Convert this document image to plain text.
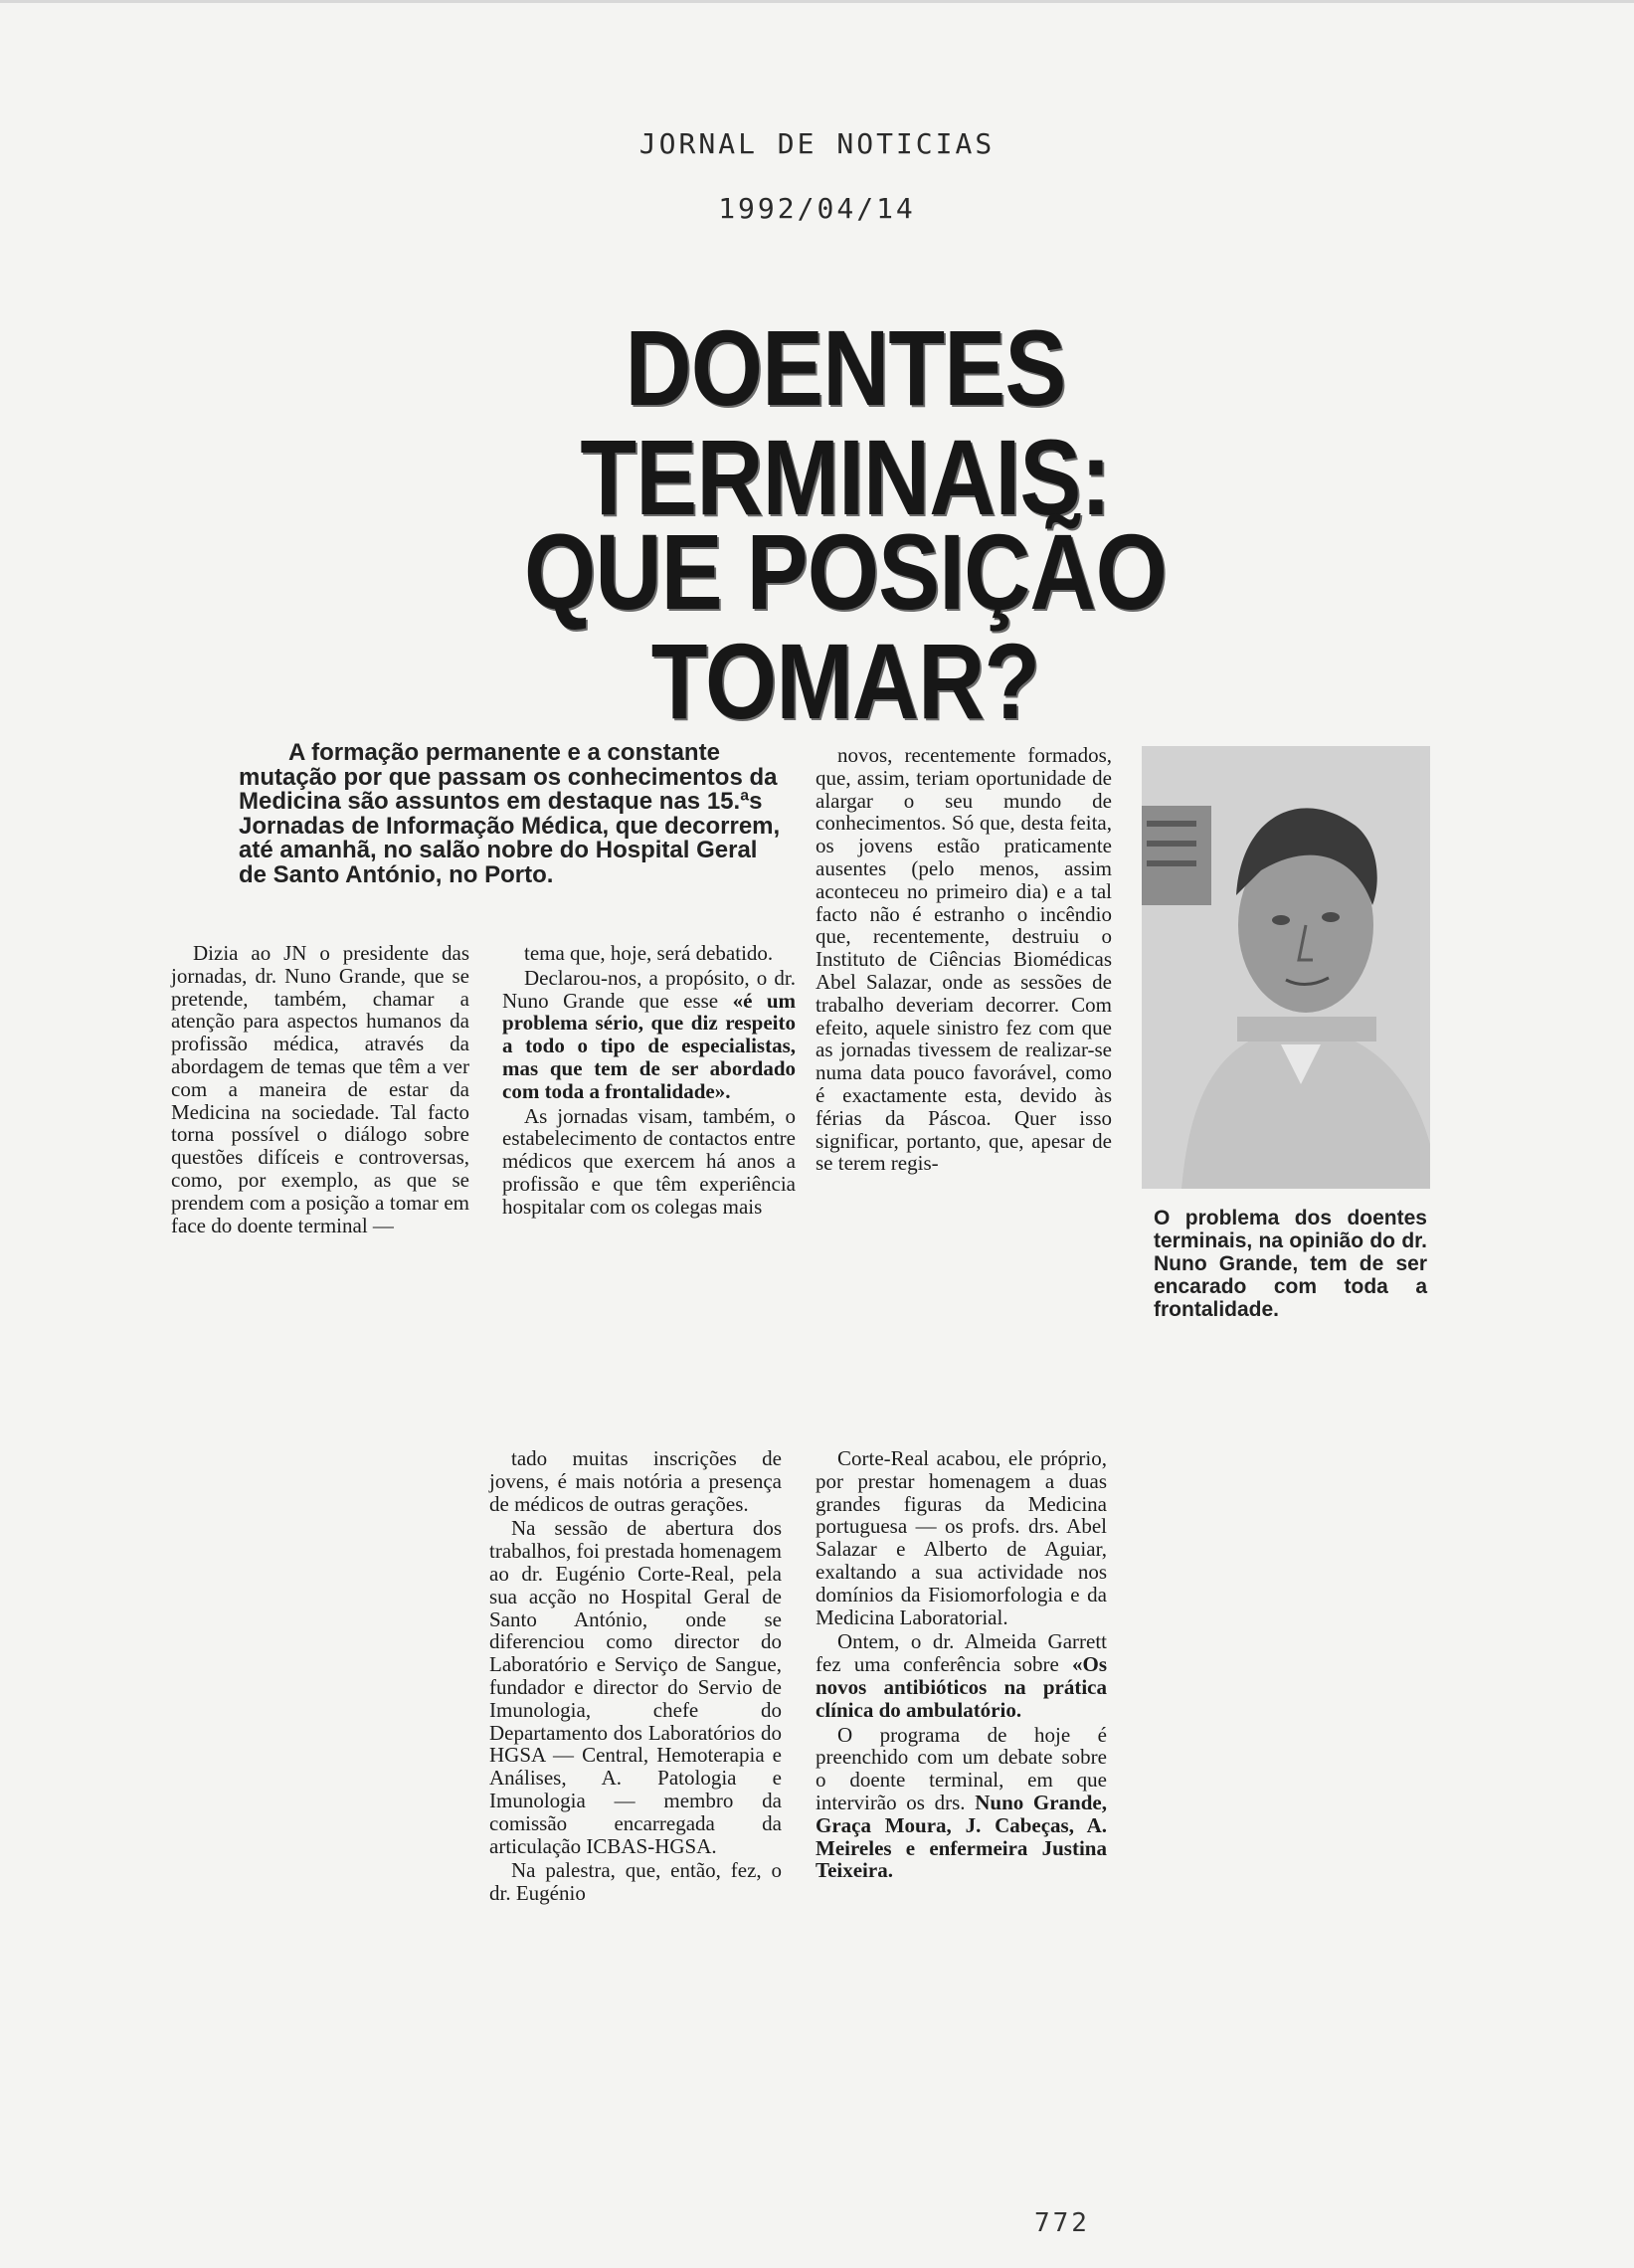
JORNAL DE NOTICIAS
1992/04/14
DOENTES TERMINAIS:
QUE POSIÇÃO TOMAR?

A formação permanente e a constante mutação por que passam os conhecimentos da Medicina são assuntos em destaque nas 15.ªs Jornadas de Informação Médica, que decorrem, até amanhã, no salão nobre do Hospital Geral de Santo António, no Porto.

Dizia ao JN o presidente das jornadas, dr. Nuno Grande, que se pretende, também, chamar a atenção para aspectos humanos da profissão médica, através da abordagem de temas que têm a ver com a maneira de estar da Medicina na sociedade. Tal facto torna possível o diálogo sobre questões difíceis e controversas, como, por exemplo, as que se prendem com a posição a tomar em face do doente terminal —

tema que, hoje, será debatido.

Declarou-nos, a propósito, o dr. Nuno Grande que esse «é um problema sério, que diz respeito a todo o tipo de especialistas, mas que tem de ser abordado com toda a frontalidade».

As jornadas visam, também, o estabelecimento de contactos entre médicos que exercem há anos a profissão e que têm experiência hospitalar com os colegas mais

novos, recentemente formados, que, assim, teriam oportunidade de alargar o seu mundo de conhecimentos. Só que, desta feita, os jovens estão praticamente ausentes (pelo menos, assim aconteceu no primeiro dia) e a tal facto não é estranho o incêndio que, recentemente, destruiu o Instituto de Ciências Biomédicas Abel Salazar, onde as sessões de trabalho deveriam decorrer. Com efeito, aquele sinistro fez com que as jornadas tivessem de realizar-se numa data pouco favorável, como é exactamente esta, devido às férias da Páscoa. Quer isso significar, portanto, que, apesar de se terem regis-

O problema dos doentes terminais, na opinião do dr. Nuno Grande, tem de ser encarado com toda a frontalidade.

tado muitas inscrições de jovens, é mais notória a presença de médicos de outras gerações.

Na sessão de abertura dos trabalhos, foi prestada homenagem ao dr. Eugénio Corte-Real, pela sua acção no Hospital Geral de Santo António, onde se diferenciou como director do Laboratório e Serviço de Sangue, fundador e director do Servio de Imunologia, chefe do Departamento dos Laboratórios do HGSA — Central, Hemoterapia e Análises, A. Patologia e Imunologia — membro da comissão encarregada da articulação ICBAS-HGSA.

Na palestra, que, então, fez, o dr. Eugénio

Corte-Real acabou, ele próprio, por prestar homenagem a duas grandes figuras da Medicina portuguesa — os profs. drs. Abel Salazar e Alberto de Aguiar, exaltando a sua actividade nos domínios da Fisiomorfologia e da Medicina Laboratorial.

Ontem, o dr. Almeida Garrett fez uma conferência sobre «Os novos antibióticos na prática clínica do ambulatório.

O programa de hoje é preenchido com um debate sobre o doente terminal, em que intervirão os drs. Nuno Grande, Graça Moura, J. Cabeças, A. Meireles e enfermeira Justina Teixeira.

772
